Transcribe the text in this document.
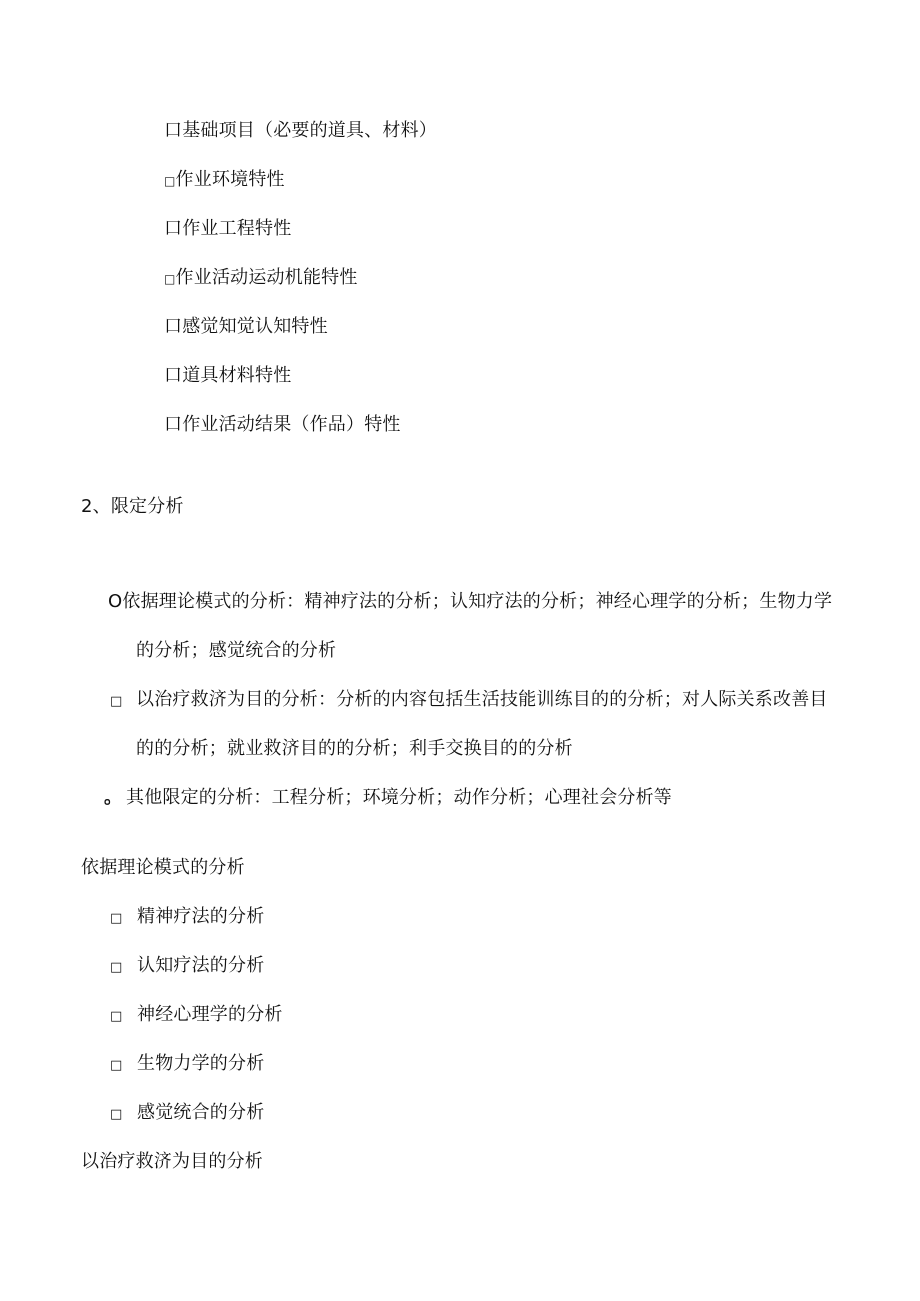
口基础项目（必要的道具、材料）
□作业环境特性
口作业工程特性
□作业活动运动机能特性
口感觉知觉认知特性
口道具材料特性
口作业活动结果（作品）特性
2、限定分析
O依据理论模式的分析：精神疗法的分析；认知疗法的分析；神经心理学的分析；生物力学
的分析；感觉统合的分析
□ 以治疗救济为目的分析：分析的内容包括生活技能训练目的的分析；对人际关系改善目
的的分析；就业救济目的的分析；利手交换目的的分析
。 其他限定的分析：工程分析；环境分析；动作分析；心理社会分析等
依据理论模式的分析
□ 精神疗法的分析
□ 认知疗法的分析
□ 神经心理学的分析
□ 生物力学的分析
□ 感觉统合的分析
以治疗救济为目的分析
